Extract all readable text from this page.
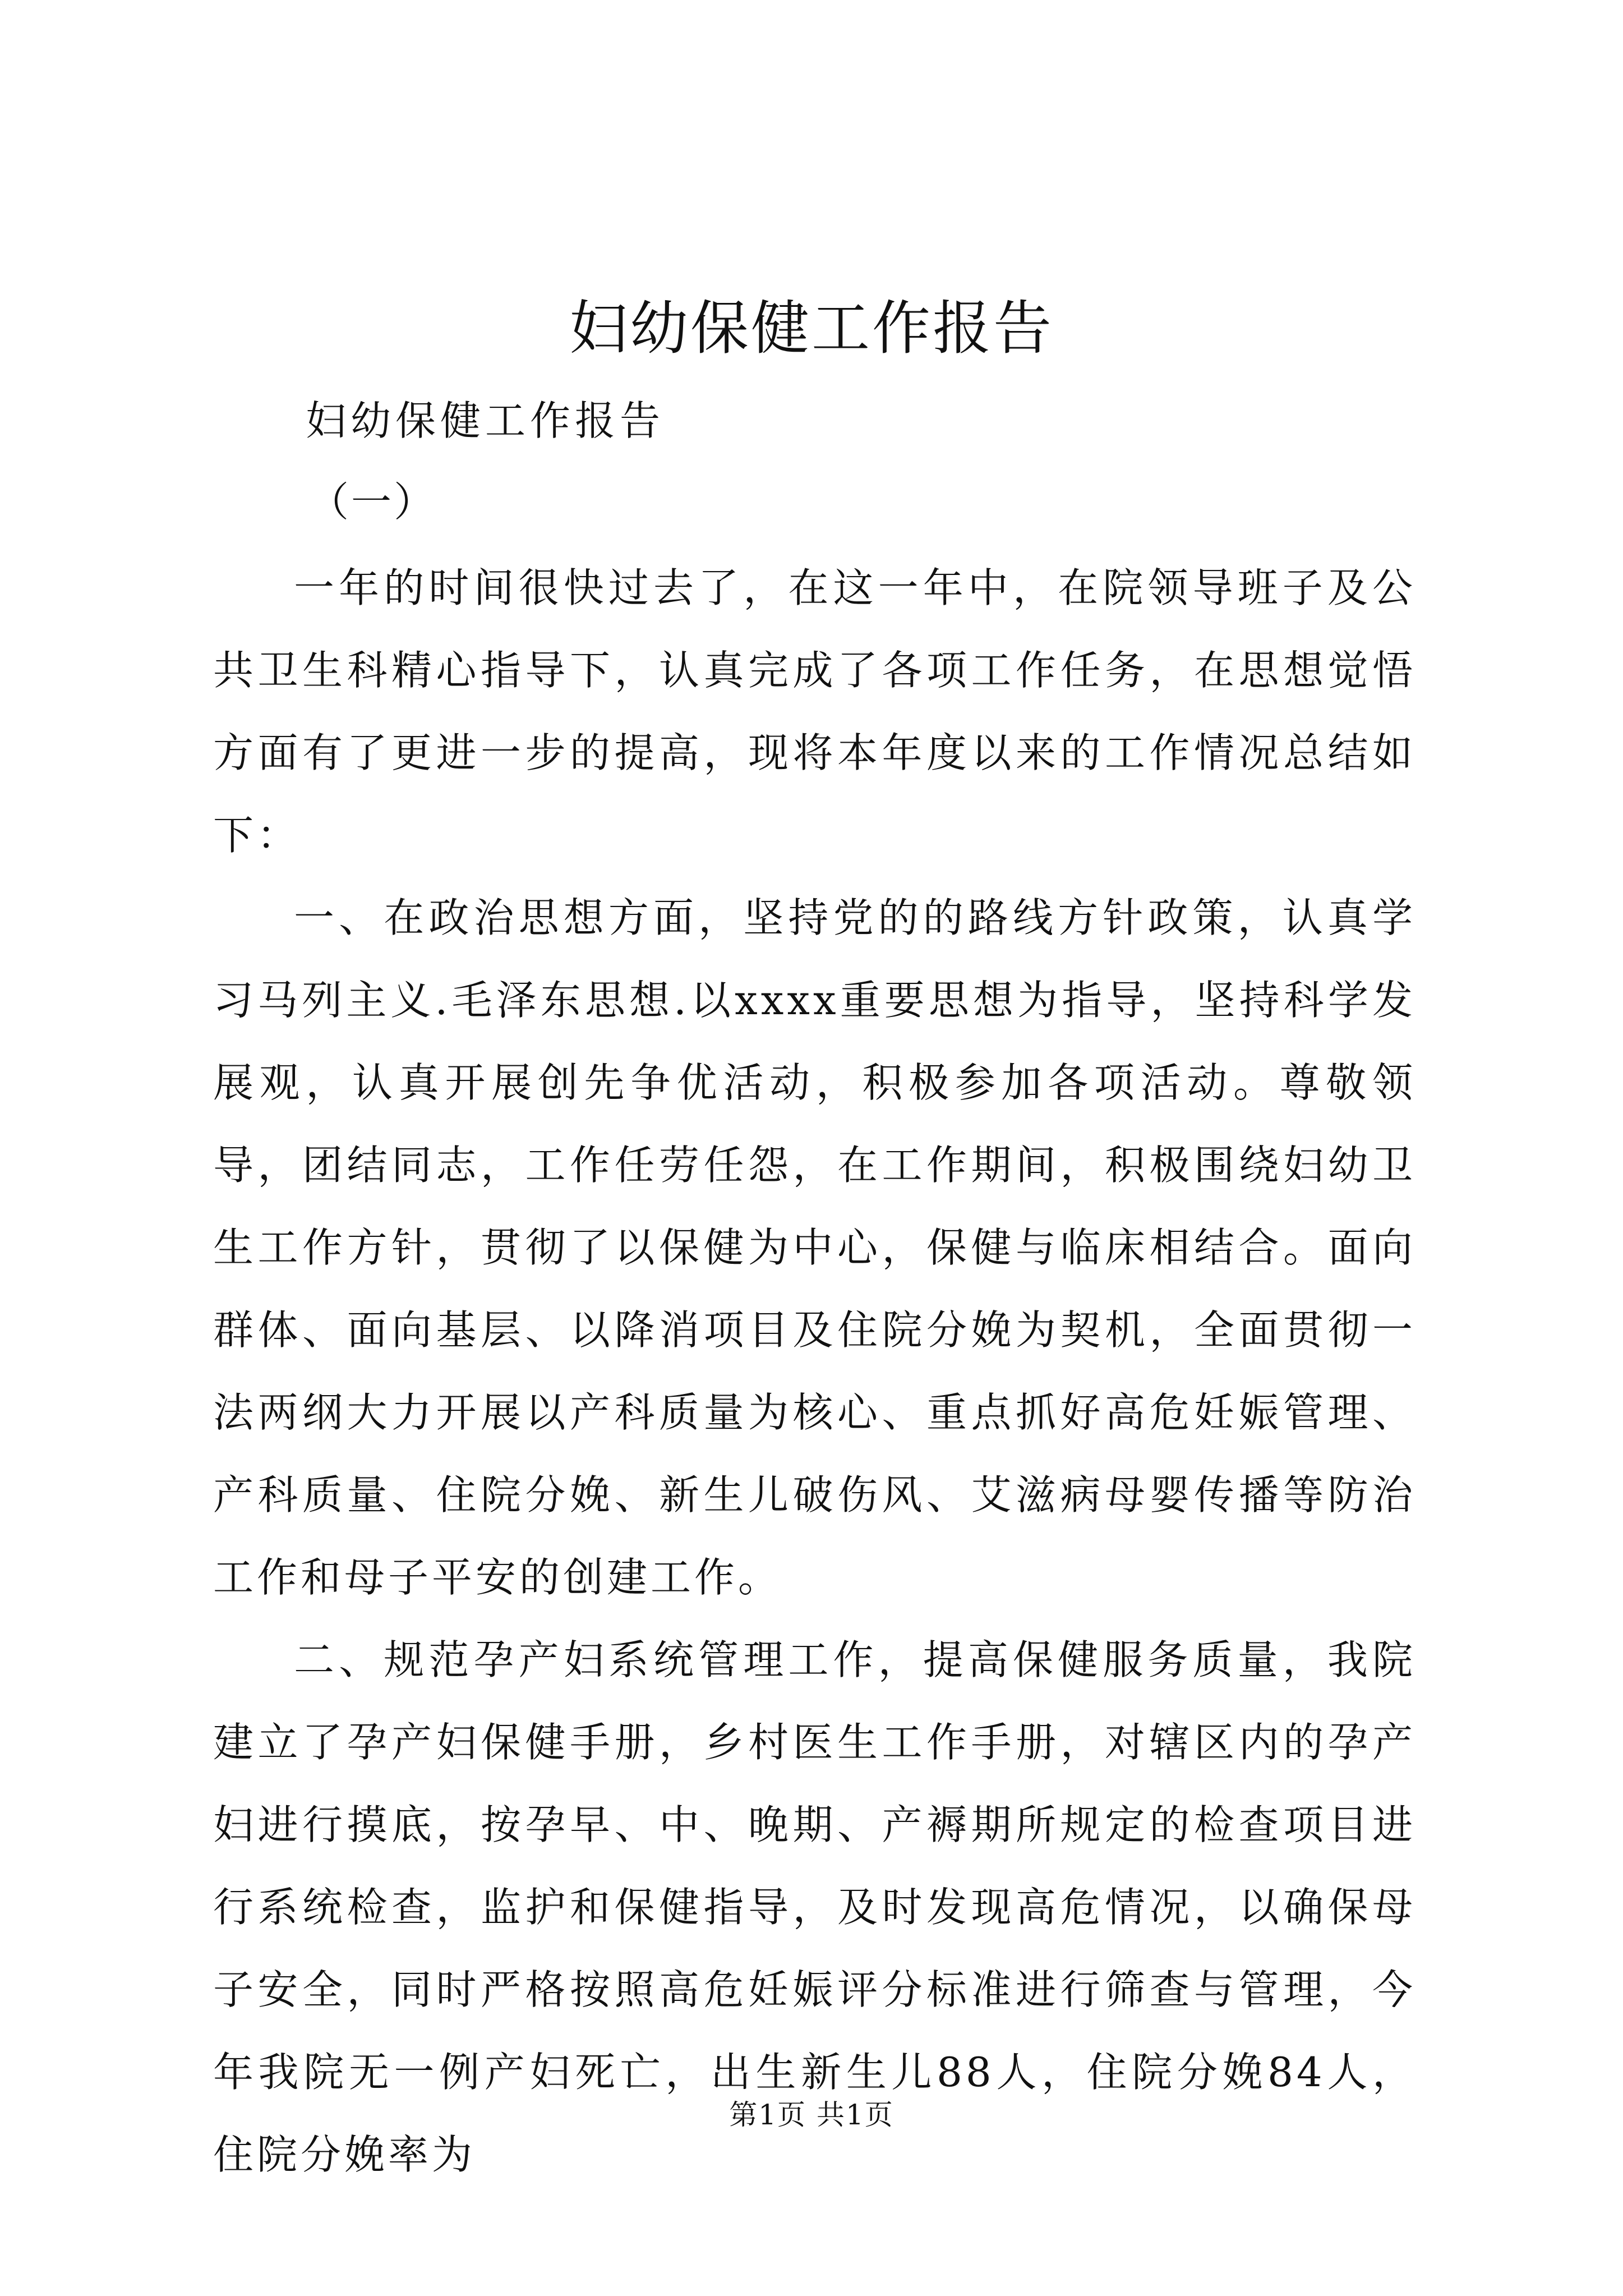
妇幼保健工作报告
妇幼保健工作报告
（一）

一年的时间很快过去了，在这一年中，在院领导班子及公共卫生科精心指导下，认真完成了各项工作任务，在思想觉悟方面有了更进一步的提高，现将本年度以来的工作情况总结如下：

一、在政治思想方面，坚持党的的路线方针政策，认真学习马列主义.毛泽东思想.以xxxx重要思想为指导，坚持科学发展观，认真开展创先争优活动，积极参加各项活动。尊敬领导，团结同志，工作任劳任怨，在工作期间，积极围绕妇幼卫生工作方针，贯彻了以保健为中心，保健与临床相结合。面向群体、面向基层、以降消项目及住院分娩为契机，全面贯彻一法两纲大力开展以产科质量为核心、重点抓好高危妊娠管理、产科质量、住院分娩、新生儿破伤风、艾滋病母婴传播等防治工作和母子平安的创建工作。

二、规范孕产妇系统管理工作，提高保健服务质量，我院建立了孕产妇保健手册，乡村医生工作手册，对辖区内的孕产妇进行摸底，按孕早、中、晚期、产褥期所规定的检查项目进行系统检查，监护和保健指导，及时发现高危情况，以确保母子安全，同时严格按照高危妊娠评分标准进行筛查与管理，今年我院无一例产妇死亡，出生新生儿88人，住院分娩84人，住院分娩率为

第1页 共1页
